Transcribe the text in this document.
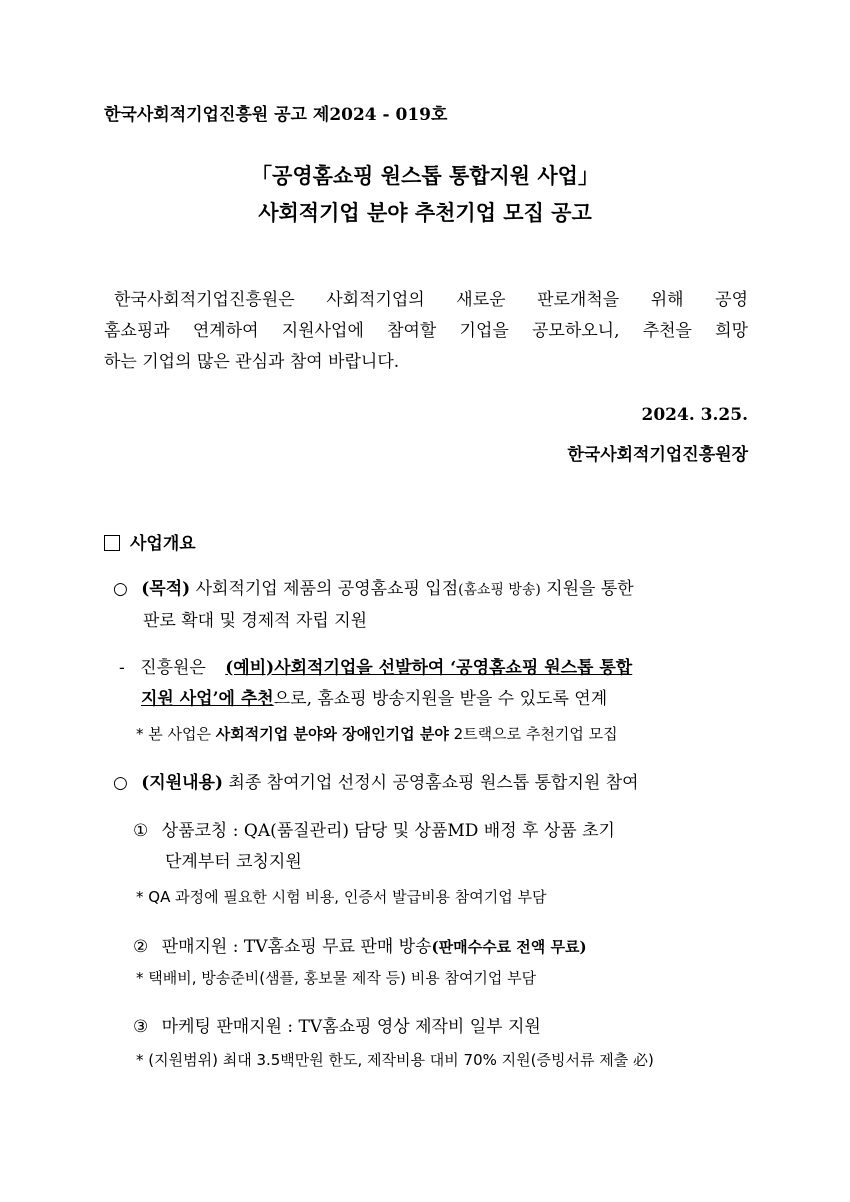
한국사회적기업진흥원 공고 제2024 - 019호
「공영홈쇼핑 원스톱 통합지원 사업」
사회적기업 분야 추천기업 모집 공고
한국사회적기업진흥원은 사회적기업의 새로운 판로개척을 위해 공영
홈쇼핑과 연계하여 지원사업에 참여할 기업을 공모하오니, 추천을 희망
하는 기업의 많은 관심과 참여 바랍니다.
2024. 3.25.
한국사회적기업진흥원장
사업개요
○ (목적) 사회적기업 제품의 공영홈쇼핑 입점(홈쇼핑 방송) 지원을 통한
판로 확대 및 경제적 자립 지원
- 진흥원은 (예비)사회적기업을 선발하여 ‘공영홈쇼핑 원스톱 통합
지원 사업’에 추천으로, 홈쇼핑 방송지원을 받을 수 있도록 연계
* 본 사업은 사회적기업 분야와 장애인기업 분야 2트랙으로 추천기업 모집
○ (지원내용) 최종 참여기업 선정시 공영홈쇼핑 원스톱 통합지원 참여
① 상품코칭 : QA(품질관리) 담당 및 상품MD 배정 후 상품 초기
단계부터 코칭지원
* QA 과정에 필요한 시험 비용, 인증서 발급비용 참여기업 부담
② 판매지원 : TV홈쇼핑 무료 판매 방송(판매수수료 전액 무료)
* 택배비, 방송준비(샘플, 홍보물 제작 등) 비용 참여기업 부담
③ 마케팅 판매지원 : TV홈쇼핑 영상 제작비 일부 지원
* (지원범위) 최대 3.5백만원 한도, 제작비용 대비 70% 지원(증빙서류 제출 必)
